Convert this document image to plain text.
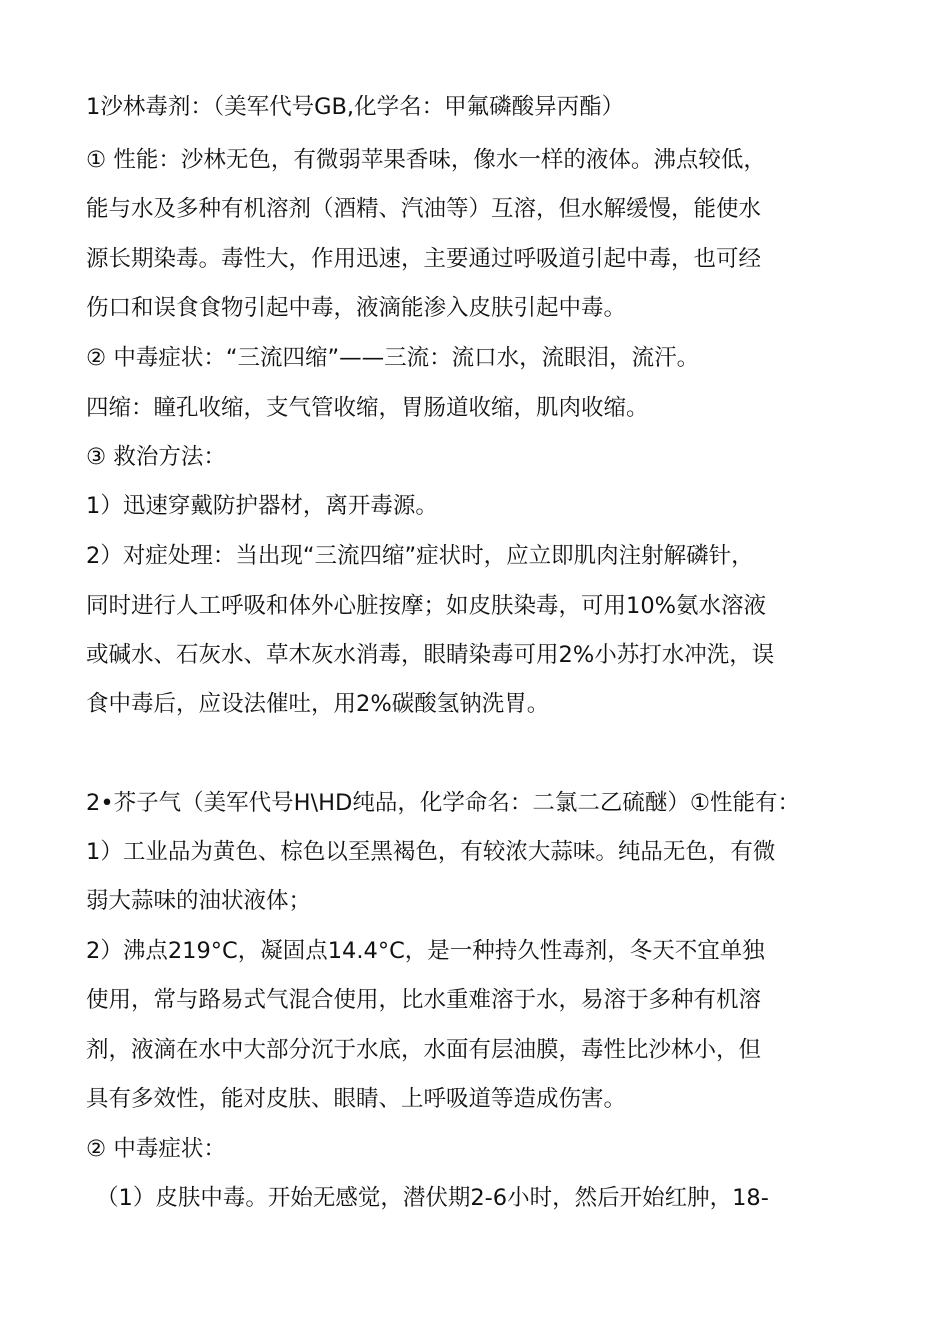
1沙林毒剂：（美军代号GB,化学名：甲氟磷酸异丙酯）
① 性能：沙林无色，有微弱苹果香味，像水一样的液体。沸点较低，
能与水及多种有机溶剂（酒精、汽油等）互溶，但水解缓慢，能使水
源长期染毒。毒性大，作用迅速，主要通过呼吸道引起中毒，也可经
伤口和误食食物引起中毒，液滴能渗入皮肤引起中毒。
② 中毒症状：“三流四缩”——三流：流口水，流眼泪，流汗。
四缩：瞳孔收缩，支气管收缩，胃肠道收缩，肌肉收缩。
③ 救治方法：
1）迅速穿戴防护器材，离开毒源。
2）对症处理：当出现“三流四缩”症状时，应立即肌肉注射解磷针，
同时进行人工呼吸和体外心脏按摩；如皮肤染毒，可用10%氨水溶液
或碱水、石灰水、草木灰水消毒，眼睛染毒可用2%小苏打水冲洗，误
食中毒后，应设法催吐，用2%碳酸氢钠洗胃。
2•芥子气（美军代号H\HD纯品，化学命名：二氯二乙硫醚）①性能有：
1）工业品为黄色、棕色以至黑褐色，有较浓大蒜味。纯品无色，有微
弱大蒜味的油状液体；
2）沸点219°C，凝固点14.4°C，是一种持久性毒剂，冬天不宜单独
使用，常与路易式气混合使用，比水重难溶于水，易溶于多种有机溶
剂，液滴在水中大部分沉于水底，水面有层油膜，毒性比沙林小，但
具有多效性，能对皮肤、眼睛、上呼吸道等造成伤害。
② 中毒症状：
（1）皮肤中毒。开始无感觉，潜伏期2-6小时，然后开始红肿，18-
